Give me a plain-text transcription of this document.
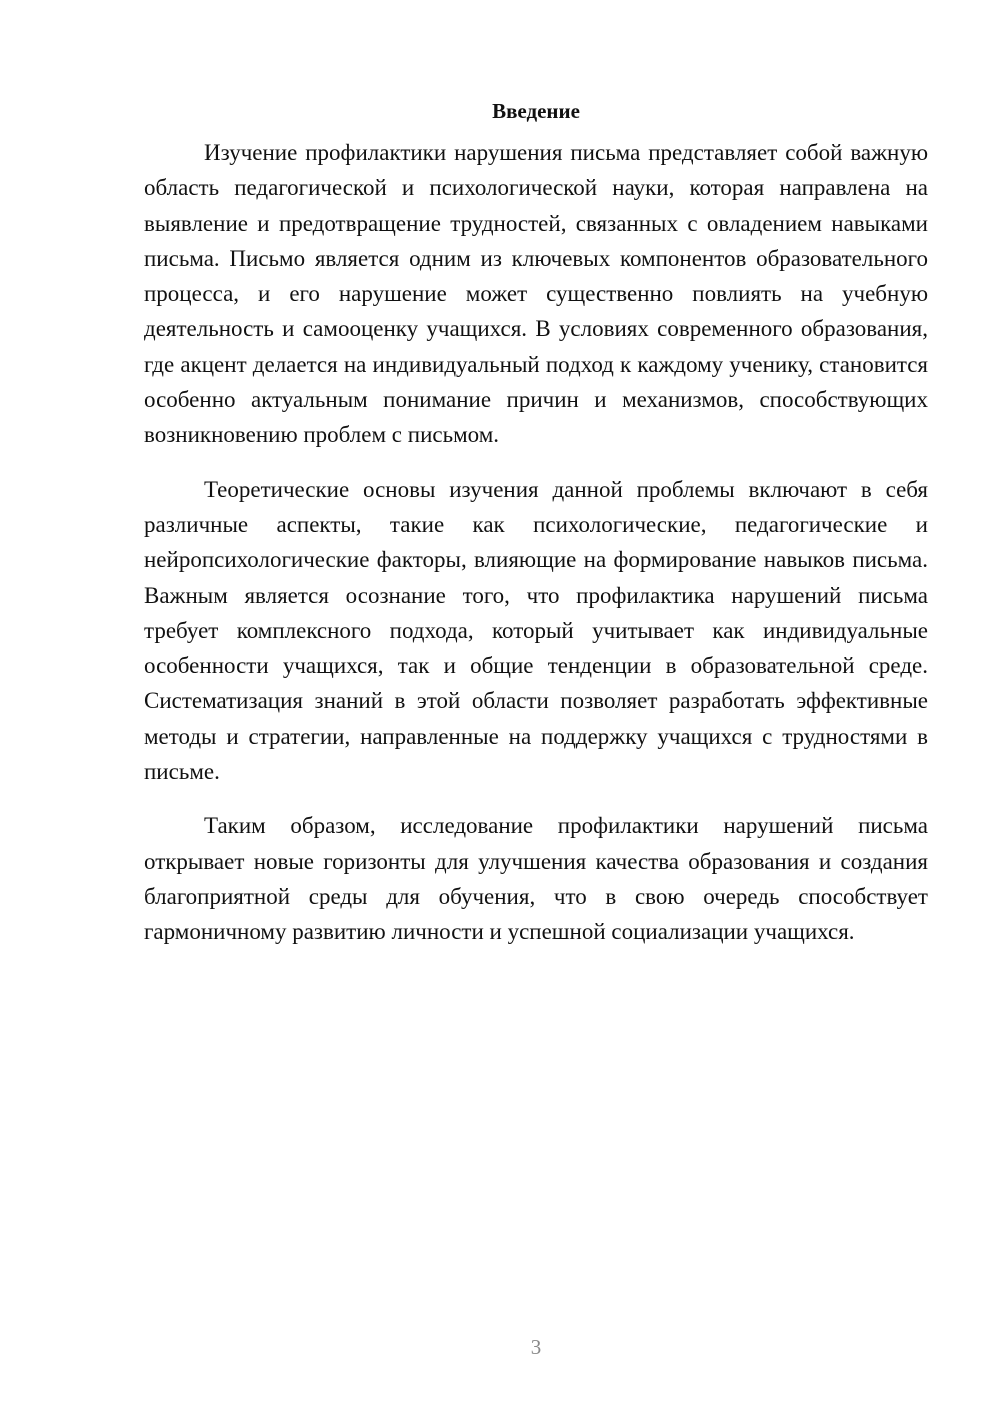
Введение

Изучение профилактики нарушения письма представляет собой важную область педагогической и психологической науки, которая направлена на выявление и предотвращение трудностей, связанных с овладением навыками письма. Письмо является одним из ключевых компонентов образовательного процесса, и его нарушение может существенно повлиять на учебную деятельность и самооценку учащихся. В условиях современного образования, где акцент делается на индивидуальный подход к каждому ученику, становится особенно актуальным понимание причин и механизмов, способствующих возникновению проблем с письмом.

Теоретические основы изучения данной проблемы включают в себя различные аспекты, такие как психологические, педагогические и нейропсихологические факторы, влияющие на формирование навыков письма. Важным является осознание того, что профилактика нарушений письма требует комплексного подхода, который учитывает как индивидуальные особенности учащихся, так и общие тенденции в образовательной среде. Систематизация знаний в этой области позволяет разработать эффективные методы и стратегии, направленные на поддержку учащихся с трудностями в письме.

Таким образом, исследование профилактики нарушений письма открывает новые горизонты для улучшения качества образования и создания благоприятной среды для обучения, что в свою очередь способствует гармоничному развитию личности и успешной социализации учащихся.

3
